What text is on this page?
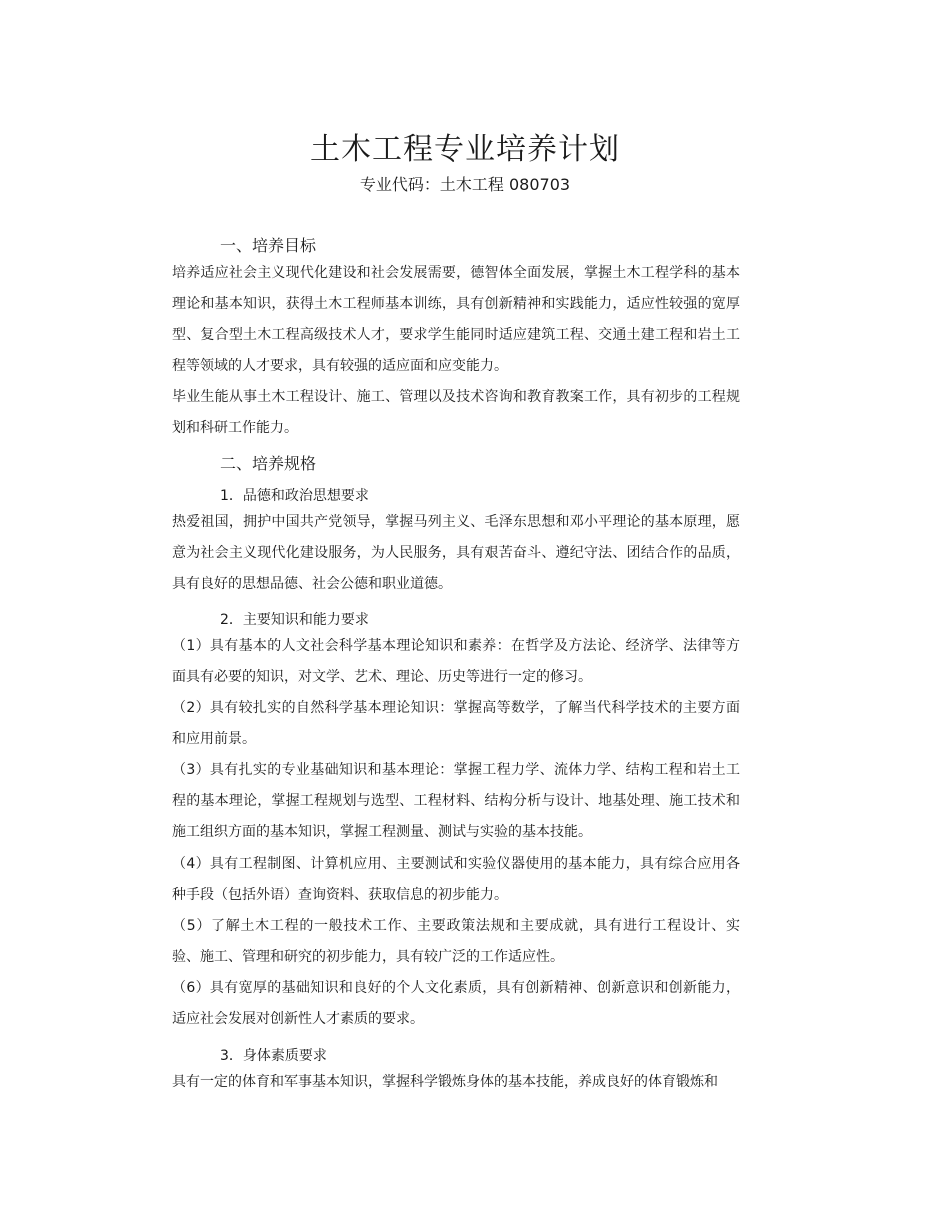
土木工程专业培养计划
专业代码：土木工程 080703
一、培养目标
培养适应社会主义现代化建设和社会发展需要，德智体全面发展，掌握土木工程学科的基本理论和基本知识，获得土木工程师基本训练，具有创新精神和实践能力，适应性较强的宽厚型、复合型土木工程高级技术人才，要求学生能同时适应建筑工程、交通土建工程和岩土工程等领域的人才要求，具有较强的适应面和应变能力。
毕业生能从事土木工程设计、施工、管理以及技术咨询和教育教案工作，具有初步的工程规划和科研工作能力。
二、培养规格
1．品德和政治思想要求
热爱祖国，拥护中国共产党领导，掌握马列主义、毛泽东思想和邓小平理论的基本原理，愿意为社会主义现代化建设服务，为人民服务，具有艰苦奋斗、遵纪守法、团结合作的品质，具有良好的思想品德、社会公德和职业道德。
2．主要知识和能力要求
（1）具有基本的人文社会科学基本理论知识和素养：在哲学及方法论、经济学、法律等方面具有必要的知识，对文学、艺术、理论、历史等进行一定的修习。
（2）具有较扎实的自然科学基本理论知识：掌握高等数学，了解当代科学技术的主要方面和应用前景。
（3）具有扎实的专业基础知识和基本理论：掌握工程力学、流体力学、结构工程和岩土工程的基本理论，掌握工程规划与选型、工程材料、结构分析与设计、地基处理、施工技术和施工组织方面的基本知识，掌握工程测量、测试与实验的基本技能。
（4）具有工程制图、计算机应用、主要测试和实验仪器使用的基本能力，具有综合应用各种手段（包括外语）查询资料、获取信息的初步能力。
（5）了解土木工程的一般技术工作、主要政策法规和主要成就，具有进行工程设计、实验、施工、管理和研究的初步能力，具有较广泛的工作适应性。
（6）具有宽厚的基础知识和良好的个人文化素质，具有创新精神、创新意识和创新能力，适应社会发展对创新性人才素质的要求。
3．身体素质要求
具有一定的体育和军事基本知识，掌握科学锻炼身体的基本技能，养成良好的体育锻炼和
